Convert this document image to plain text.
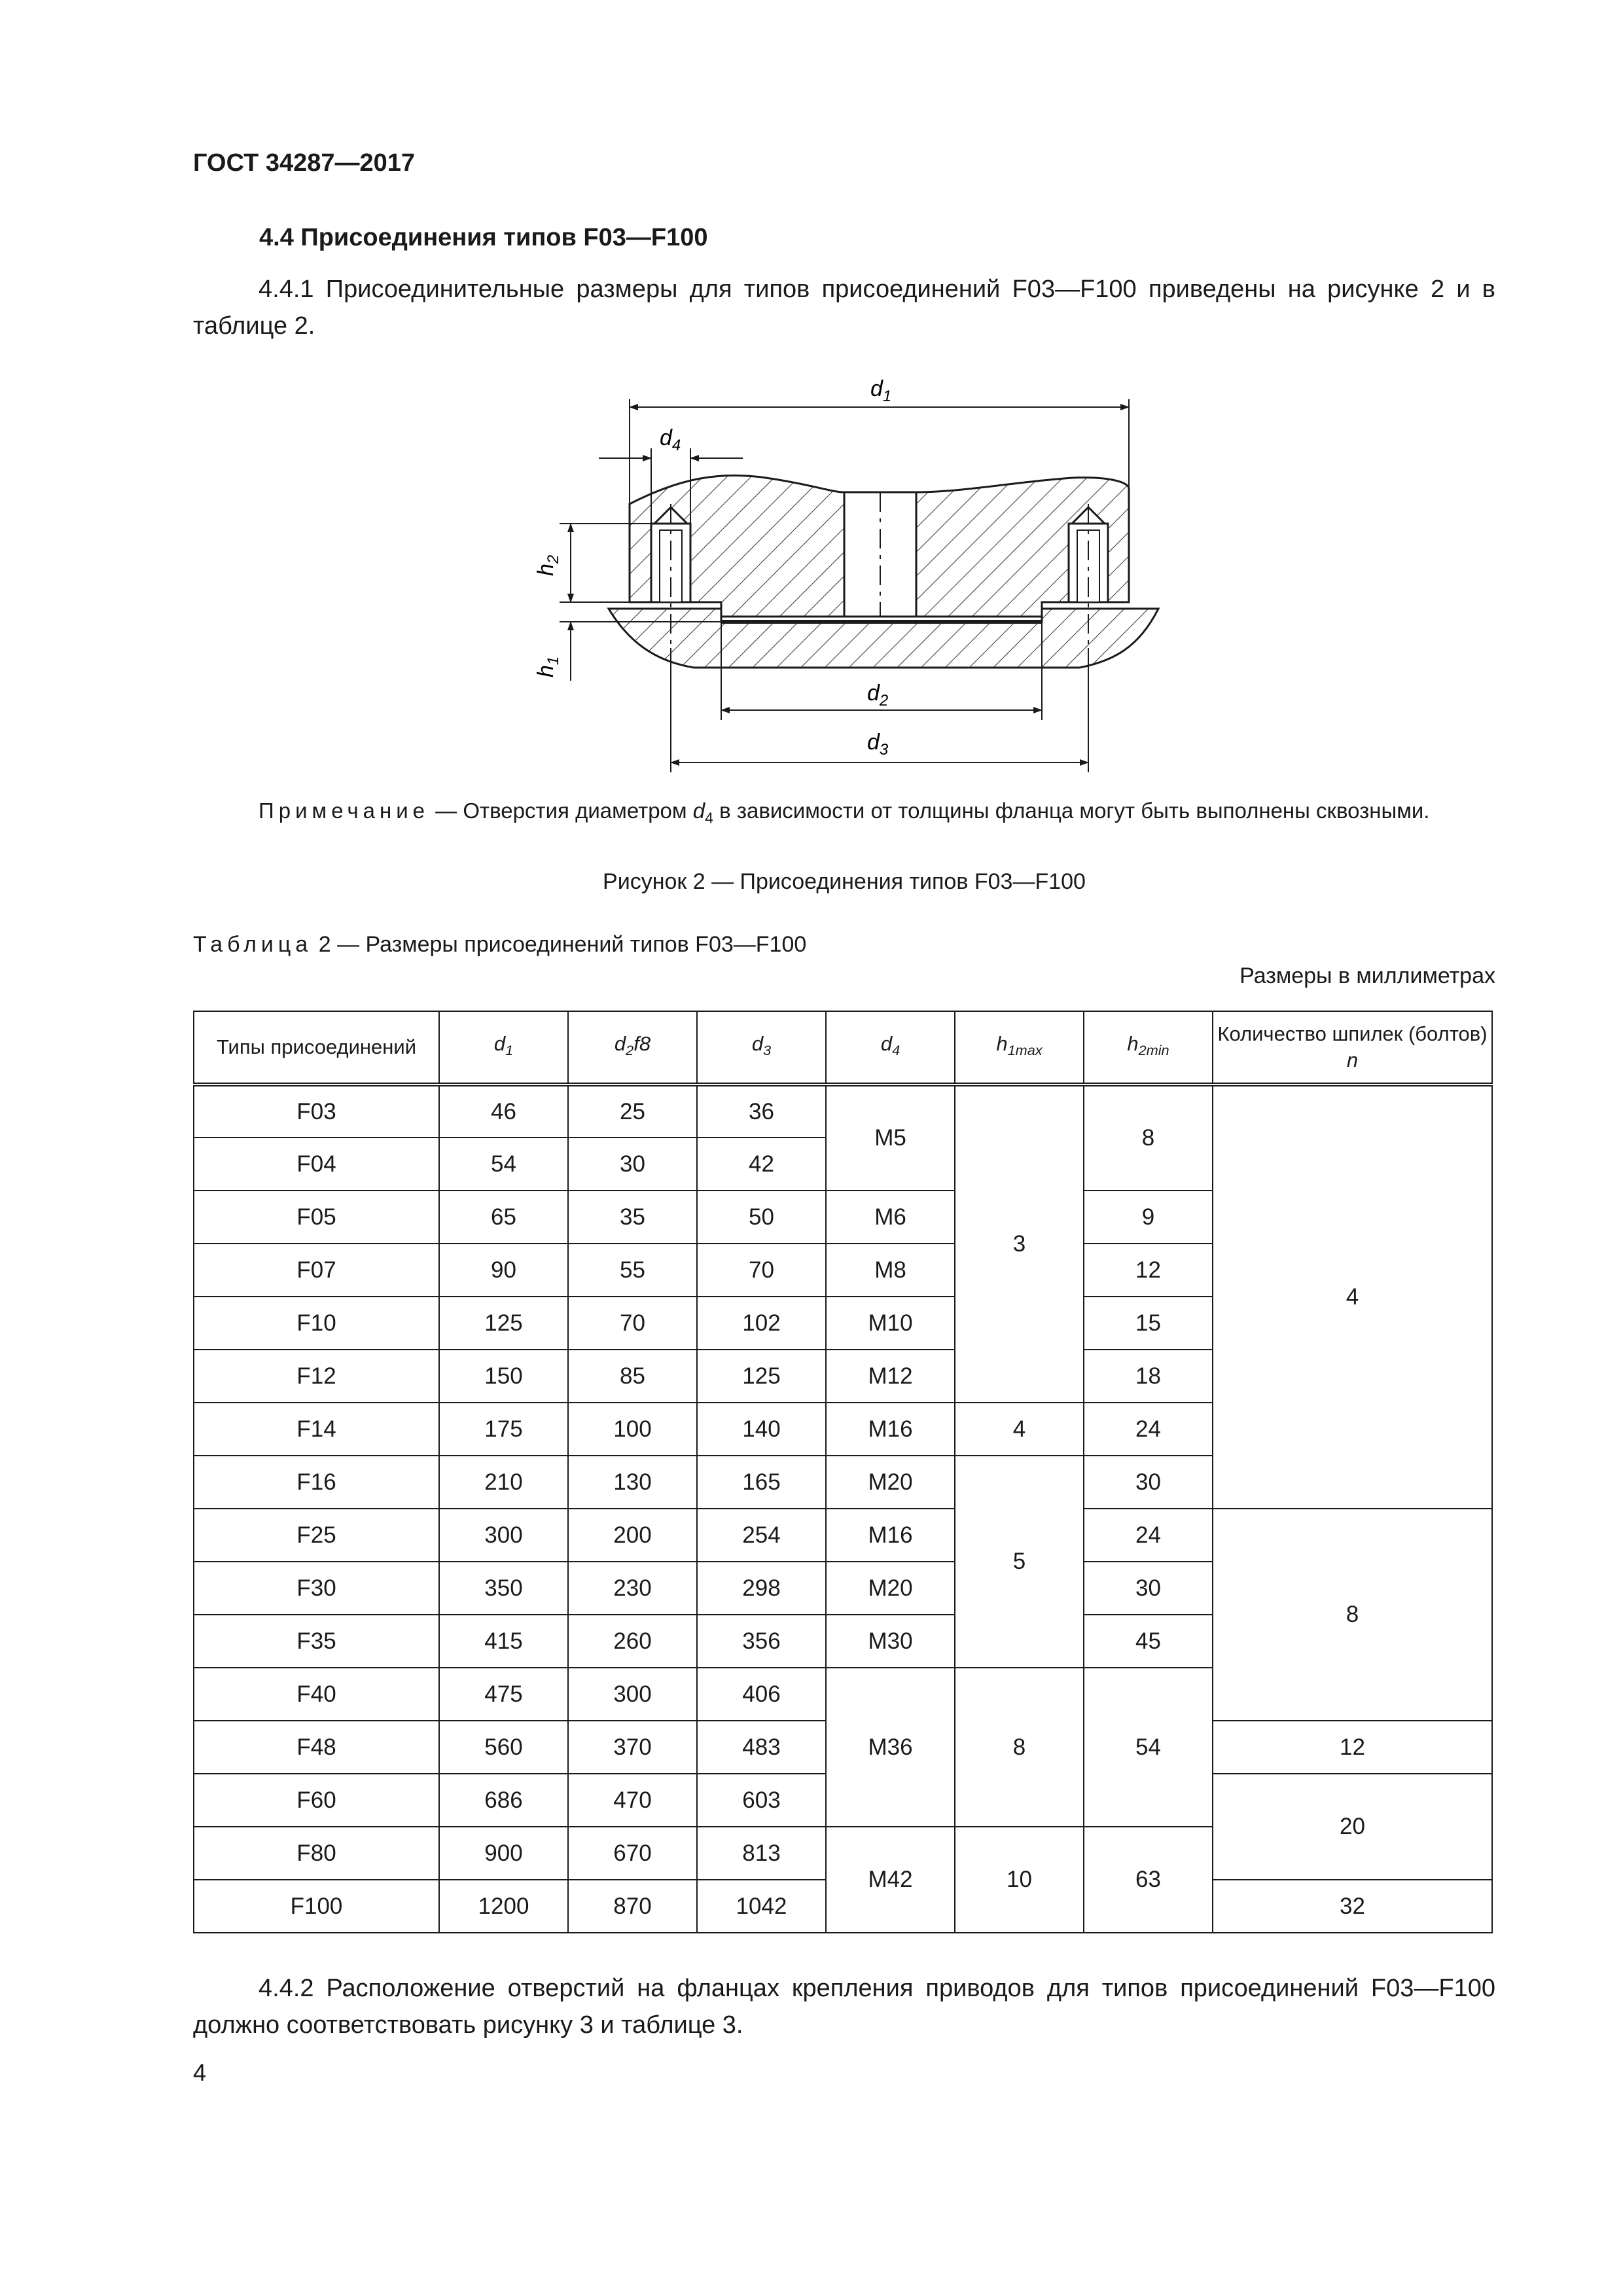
ГОСТ 34287—2017
4.4 Присоединения типов F03—F100
4.4.1 Присоединительные размеры для типов присоединений F03—F100 приведены на рисунке 2 и в таблице 2.
$d_1$
$d_4$
$h_2$
$h_1$
$d_2$
$d_3$
Примечание — Отверстия диаметром $d_4$ в зависимости от толщины фланца могут быть выполнены сквозными.
Рисунок 2 — Присоединения типов F03—F100
Таблица 2 — Размеры присоединений типов F03—F100
Размеры в миллиметрах
Типы присоединений	$d_1$	$d_2f8$	$d_3$	$d_4$	$h_{1max}$	$h_{2min}$	Количество шпилек (болтов) n
F03	46	25	36	M5	3	8	4
F04	54	30	42				
F05	65	35	50	M6		9	
F07	90	55	70	M8		12	
F10	125	70	102	M10		15	
F12	150	85	125	M12		18	
F14	175	100	140	M16	4	24	
F16	210	130	165	M20	5	30	
F25	300	200	254	M16		24	8
F30	350	230	298	M20		30	
F35	415	260	356	M30		45	
F40	475	300	406	M36	8	54	
F48	560	370	483				12
F60	686	470	603				20
F80	900	670	813	M42	10	63	
F100	1200	870	1042				32
4.4.2 Расположение отверстий на фланцах крепления приводов для типов присоединений F03—F100 должно соответствовать рисунку 3 и таблице 3.
4
